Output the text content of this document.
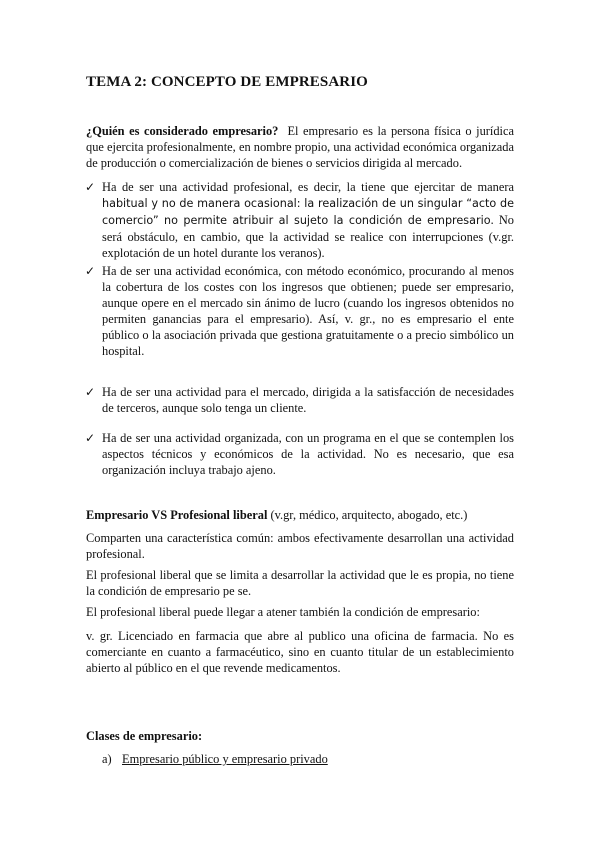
TEMA 2: CONCEPTO DE EMPRESARIO
¿Quién es considerado empresario? El empresario es la persona física o jurídica que ejercita profesionalmente, en nombre propio, una actividad económica organizada de producción o comercialización de bienes o servicios dirigida al mercado.
✓ Ha de ser una actividad profesional, es decir, la tiene que ejercitar de manera habitual y no de manera ocasional: la realización de un singular “acto de comercio” no permite atribuir al sujeto la condición de empresario. No será obstáculo, en cambio, que la actividad se realice con interrupciones (v.gr. explotación de un hotel durante los veranos).
✓ Ha de ser una actividad económica, con método económico, procurando al menos la cobertura de los costes con los ingresos que obtienen; puede ser empresario, aunque opere en el mercado sin ánimo de lucro (cuando los ingresos obtenidos no permiten ganancias para el empresario). Así, v. gr., no es empresario el ente público o la asociación privada que gestiona gratuitamente o a precio simbólico un hospital.
✓ Ha de ser una actividad para el mercado, dirigida a la satisfacción de necesidades de terceros, aunque solo tenga un cliente.
✓ Ha de ser una actividad organizada, con un programa en el que se contemplen los aspectos técnicos y económicos de la actividad. No es necesario, que esa organización incluya trabajo ajeno.
Empresario VS Profesional liberal (v.gr, médico, arquitecto, abogado, etc.)
Comparten una característica común: ambos efectivamente desarrollan una actividad profesional.
El profesional liberal que se limita a desarrollar la actividad que le es propia, no tiene la condición de empresario pe se.
El profesional liberal puede llegar a atener también la condición de empresario:
v. gr. Licenciado en farmacia que abre al publico una oficina de farmacia. No es comerciante en cuanto a farmacéutico, sino en cuanto titular de un establecimiento abierto al público en el que revende medicamentos.
Clases de empresario:
a) Empresario público y empresario privado
